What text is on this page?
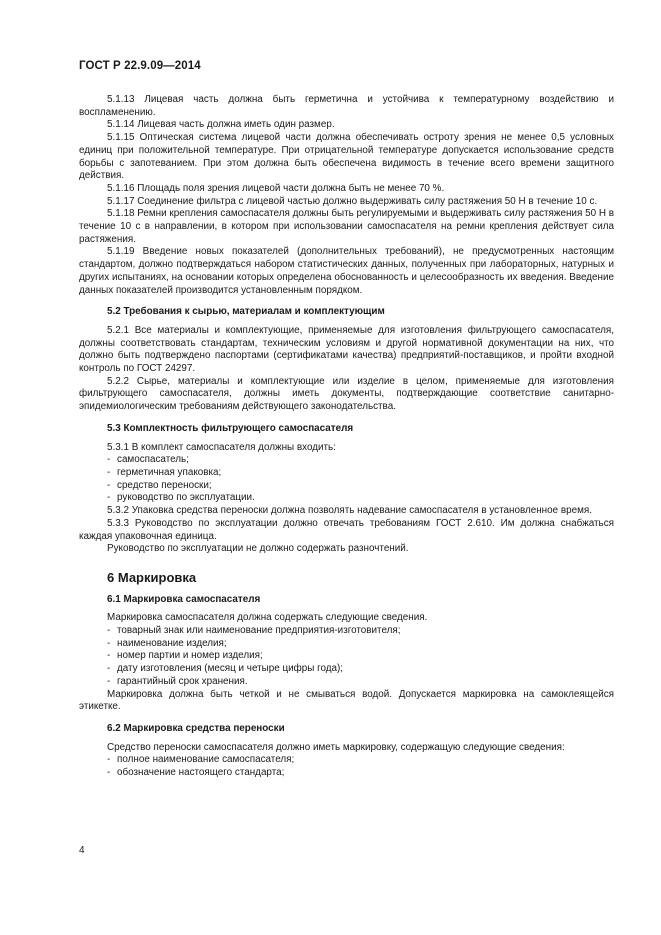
ГОСТ Р 22.9.09—2014

5.1.13 Лицевая часть должна быть герметична и устойчива к температурному воздействию и воспламенению.

5.1.14 Лицевая часть должна иметь один размер.

5.1.15 Оптическая система лицевой части должна обеспечивать остроту зрения не менее 0,5 условных единиц при положительной температуре. При отрицательной температуре допускается использование средств борьбы с запотеванием. При этом должна быть обеспечена видимость в течение всего времени защитного действия.

5.1.16 Площадь поля зрения лицевой части должна быть не менее 70 %.

5.1.17 Соединение фильтра с лицевой частью должно выдерживать силу растяжения 50 Н в течение 10 с.

5.1.18 Ремни крепления самоспасателя должны быть регулируемыми и выдерживать силу растяжения 50 Н в течение 10 с в направлении, в котором при использовании самоспасателя на ремни крепления действует сила растяжения.

5.1.19 Введение новых показателей (дополнительных требований), не предусмотренных настоящим стандартом, должно подтверждаться набором статистических данных, полученных при лабораторных, натурных и других испытаниях, на основании которых определена обоснованность и целесообразность их введения. Введение данных показателей производится установленным порядком.

5.2 Требования к сырью, материалам и комплектующим

5.2.1 Все материалы и комплектующие, применяемые для изготовления фильтрующего самоспасателя, должны соответствовать стандартам, техническим условиям и другой нормативной документации на них, что должно быть подтверждено паспортами (сертификатами качества) предприятий-поставщиков, и пройти входной контроль по ГОСТ 24297.

5.2.2 Сырье, материалы и комплектующие или изделие в целом, применяемые для изготовления фильтрующего самоспасателя, должны иметь документы, подтверждающие соответствие санитарно-эпидемиологическим требованиям действующего законодательства.

5.3 Комплектность фильтрующего самоспасателя

5.3.1 В комплект самоспасателя должны входить:

- самоспасатель;

- герметичная упаковка;

- средство переноски;

- руководство по эксплуатации.

5.3.2 Упаковка средства переноски должна позволять надевание самоспасателя в установленное время.

5.3.3 Руководство по эксплуатации должно отвечать требованиям ГОСТ 2.610. Им должна снабжаться каждая упаковочная единица.

Руководство по эксплуатации не должно содержать разночтений.

6 Маркировка
6.1 Маркировка самоспасателя

Маркировка самоспасателя должна содержать следующие сведения.

- товарный знак или наименование предприятия-изготовителя;

- наименование изделия;

- номер партии и номер изделия;

- дату изготовления (месяц и четыре цифры года);

- гарантийный срок хранения.

Маркировка должна быть четкой и не смываться водой. Допускается маркировка на самоклеящейся этикетке.

6.2 Маркировка средства переноски

Средство переноски самоспасателя должно иметь маркировку, содержащую следующие сведения:

- полное наименование самоспасателя;

- обозначение настоящего стандарта;

4
